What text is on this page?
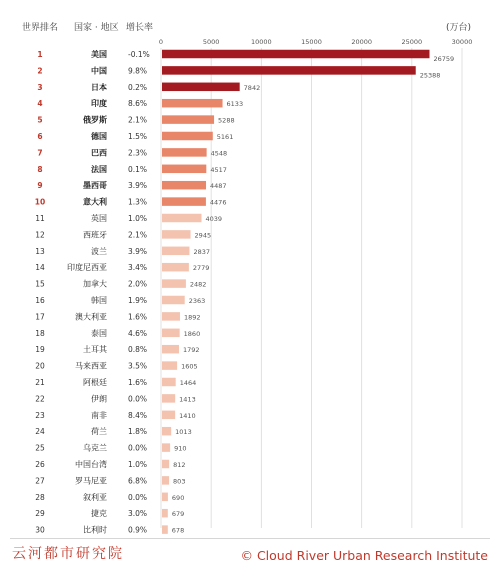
世界排名 国家 · 地区 增长率	(万台)
0	5000	10000	15000	20000	25000	30000
1	美国	-0.1%	26759
2	中国	9.8%	25388
3	日本	0.2%	7842
4	印度	8.6%	6133
5	俄罗斯	2.1%	5288
6	德国	1.5%	5161
7	巴西	2.3%	4548
8	法国	0.1%	4517
9	墨西哥	3.9%	4487
10	意大利	1.3%	4476
11	英国	1.0%	4039
12	西班牙	2.1%	2945
13	波兰	3.9%	2837
14	印度尼西亚	3.4%	2779
15	加拿大	2.0%	2482
16	韩国	1.9%	2363
17	澳大利亚	1.6%	1892
18	泰国	4.6%	1860
19	土耳其	0.8%	1792
20	马来西亚	3.5%	1605
21	阿根廷	1.6%	1464
22	伊朗	0.0%	1413
23	南非	8.4%	1410
24	荷兰	1.8%	1013
25	乌克兰	0.0%	910
26	中国台湾	1.0%	812
27	罗马尼亚	6.8%	803
28	叙利亚	0.0%	690
29	捷克	3.0%	679
30	比利时	0.9%	678
云河都市研究院	© Cloud River Urban Research Institute
